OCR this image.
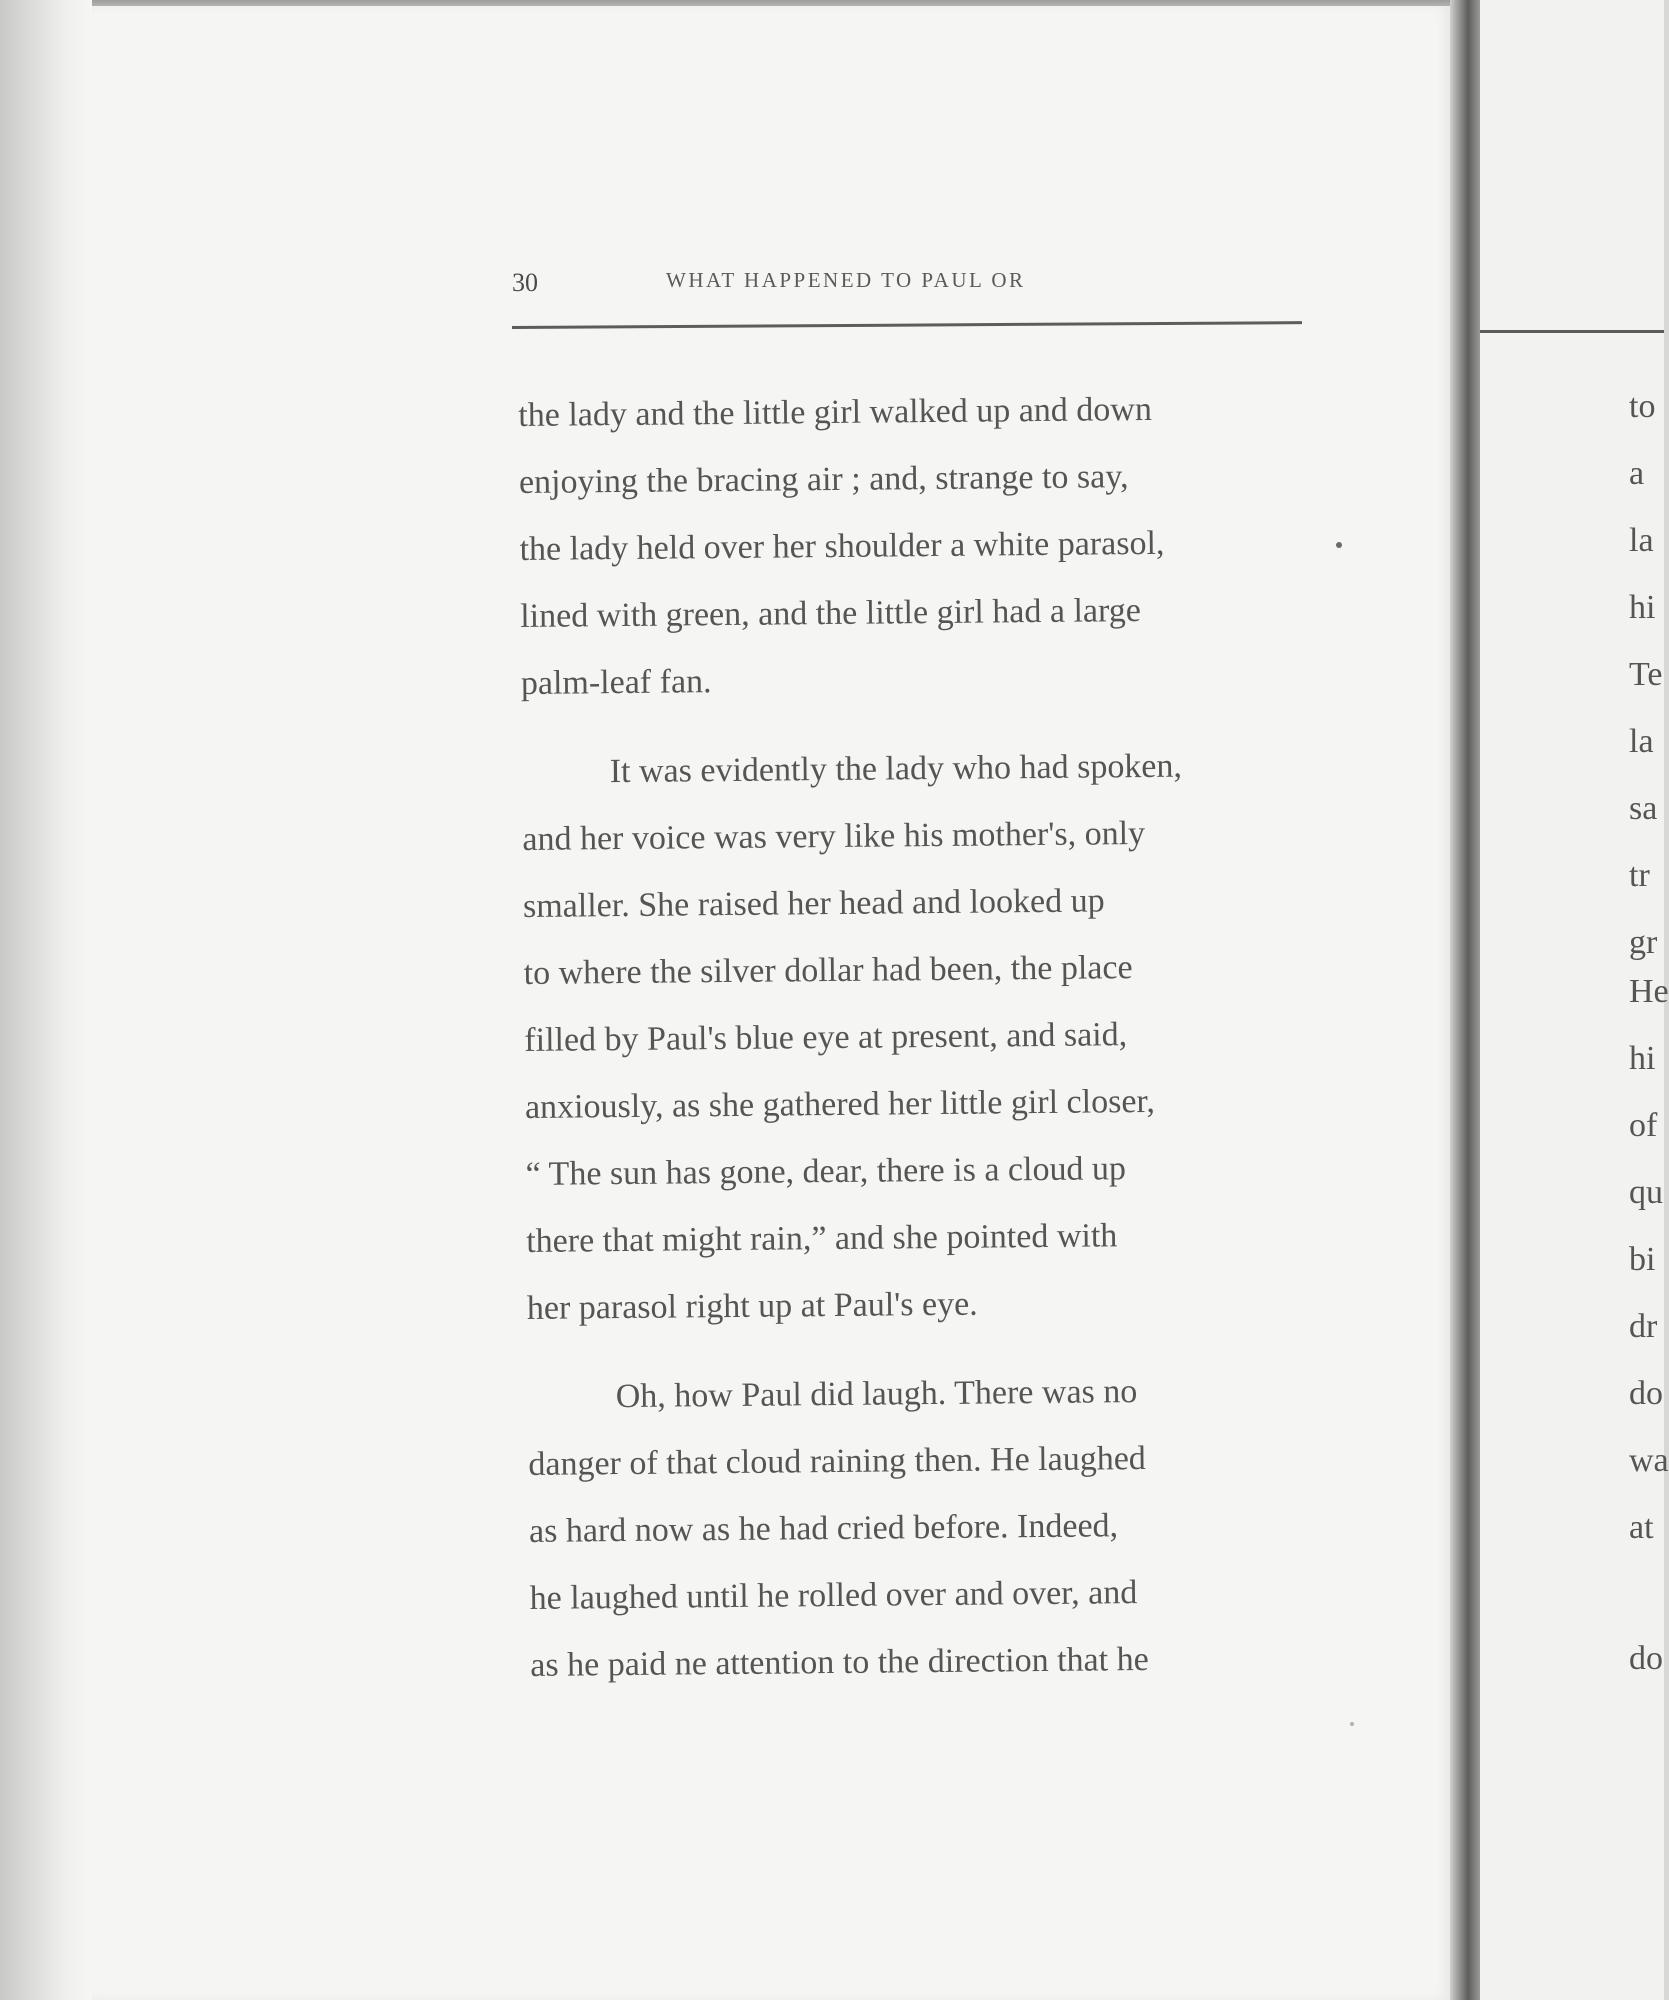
30	WHAT HAPPENED TO PAUL OR

the lady and the little girl walked up and down

enjoying the bracing air ; and, strange to say,

the lady held over her shoulder a white parasol,

lined with green, and the little girl had a large

palm-leaf fan.

It was evidently the lady who had spoken,

and her voice was very like his mother's, only

smaller. She raised her head and looked up

to where the silver dollar had been, the place

filled by Paul's blue eye at present, and said,

anxiously, as she gathered her little girl closer,

“ The sun has gone, dear, there is a cloud up

there that might rain,” and she pointed with

her parasol right up at Paul's eye.

Oh, how Paul did laugh. There was no

danger of that cloud raining then. He laughed

as hard now as he had cried before. Indeed,

he laughed until he rolled over and over, and

as he paid ne attention to the direction that he

to
a
la
hi
Te
la
sa
tr
gr
He
hi
of
qu
bi
dr
do
wa
at
do
